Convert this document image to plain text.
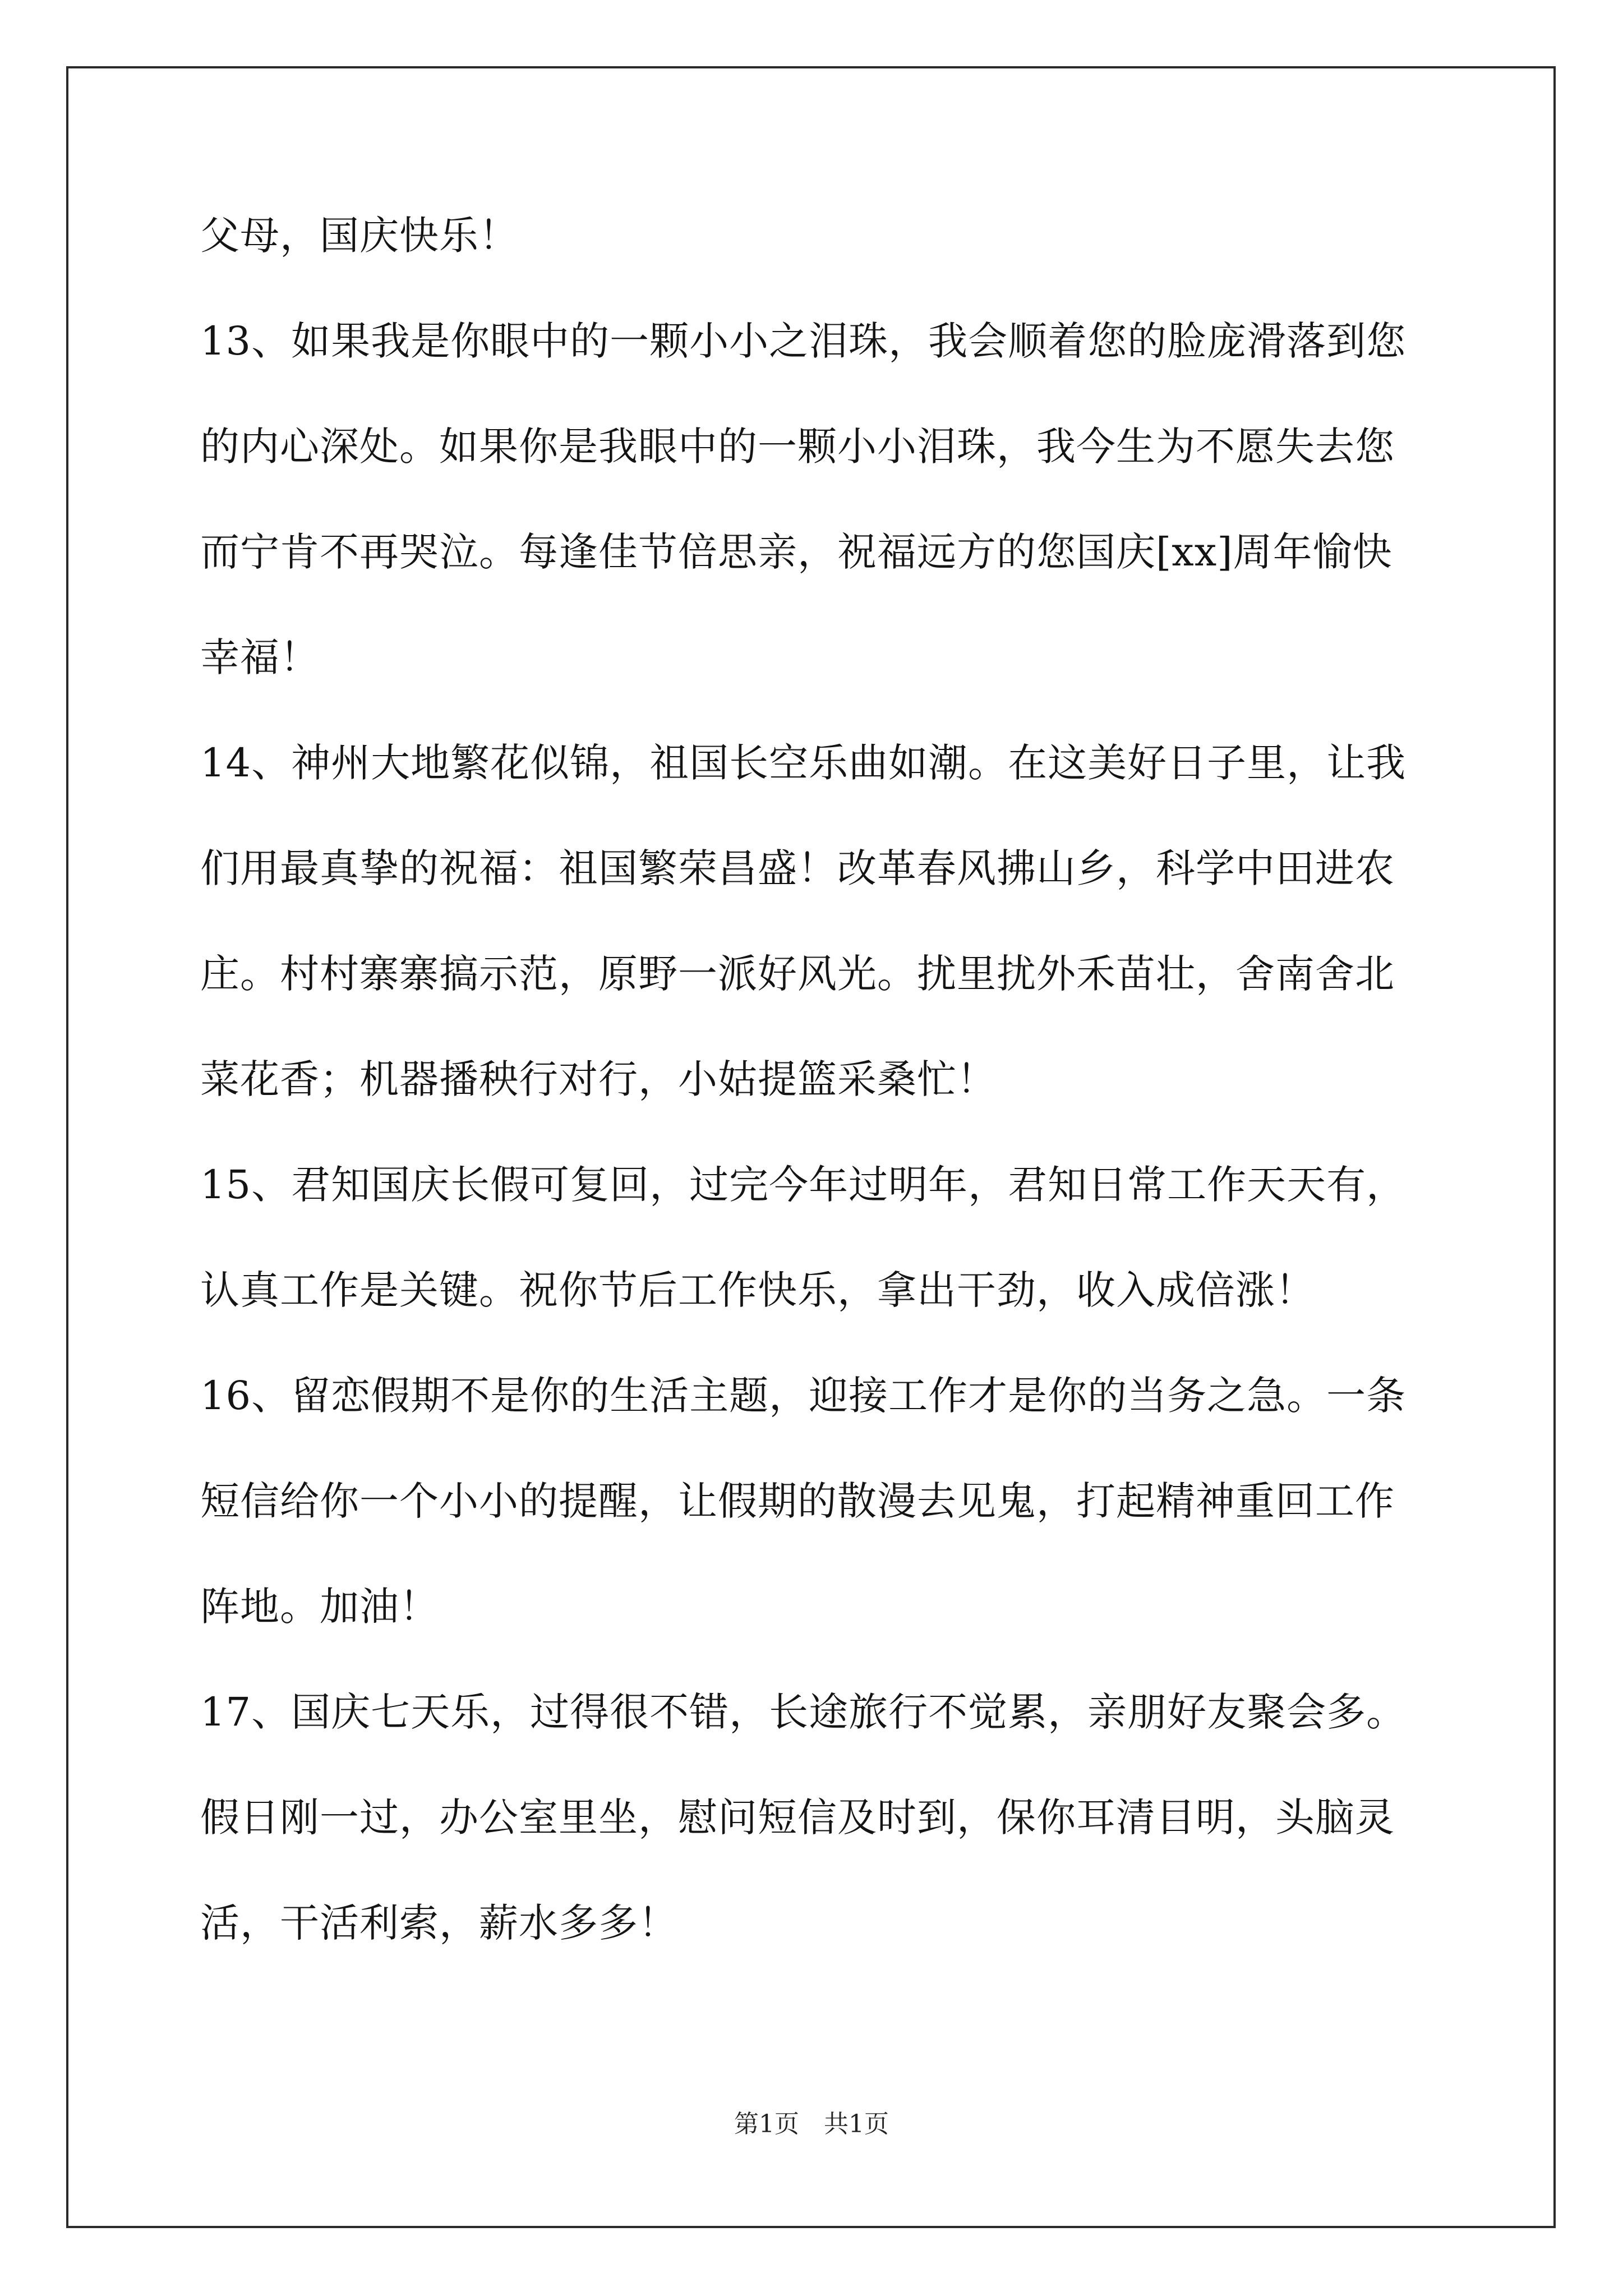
父母，国庆快乐！
13、如果我是你眼中的一颗小小之泪珠，我会顺着您的脸庞滑落到您
的内心深处。如果你是我眼中的一颗小小泪珠，我今生为不愿失去您
而宁肯不再哭泣。每逢佳节倍思亲，祝福远方的您国庆[xx]周年愉快
幸福！
14、神州大地繁花似锦，祖国长空乐曲如潮。在这美好日子里，让我
们用最真挚的祝福：祖国繁荣昌盛！改革春风拂山乡，科学中田进农
庄。村村寨寨搞示范，原野一派好风光。扰里扰外禾苗壮，舍南舍北
菜花香；机器播秧行对行，小姑提篮采桑忙！
15、君知国庆长假可复回，过完今年过明年，君知日常工作天天有，
认真工作是关键。祝你节后工作快乐，拿出干劲，收入成倍涨！
16、留恋假期不是你的生活主题，迎接工作才是你的当务之急。一条
短信给你一个小小的提醒，让假期的散漫去见鬼，打起精神重回工作
阵地。加油！
17、国庆七天乐，过得很不错，长途旅行不觉累，亲朋好友聚会多。
假日刚一过，办公室里坐，慰问短信及时到，保你耳清目明，头脑灵
活，干活利索，薪水多多！
第1页　共1页
